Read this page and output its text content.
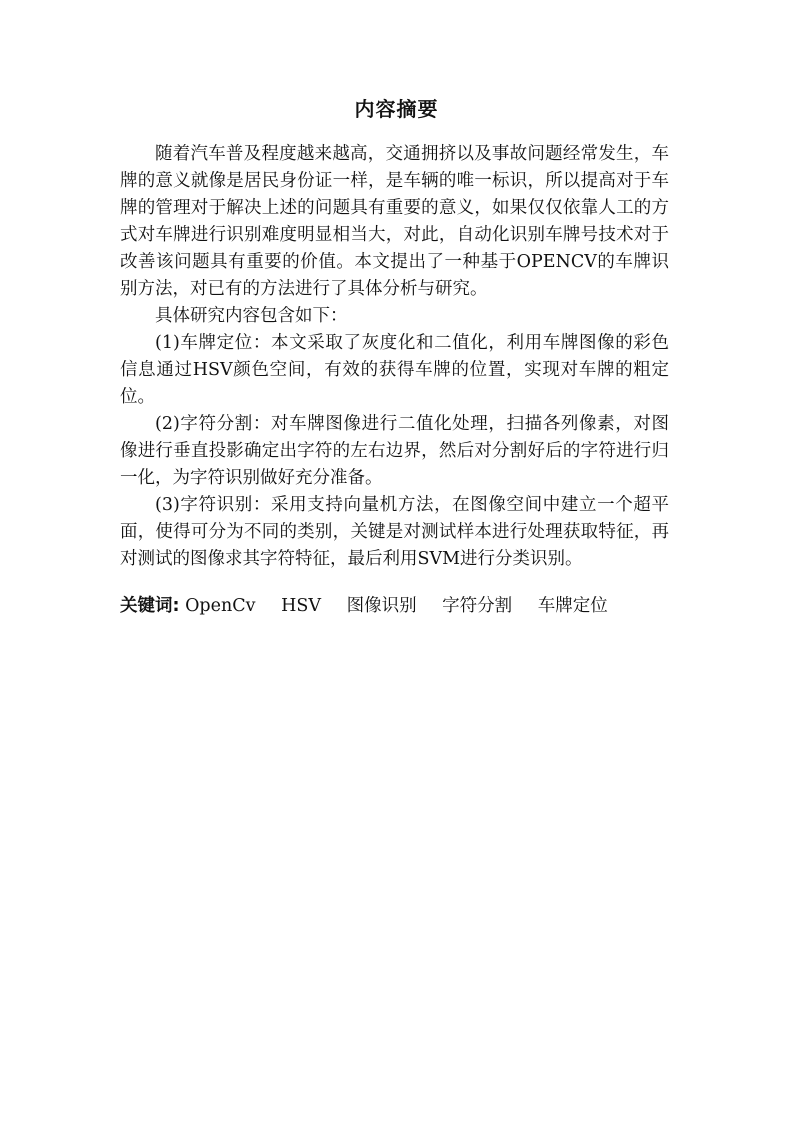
内容摘要

随着汽车普及程度越来越高，交通拥挤以及事故问题经常发生，车牌的意义就像是居民身份证一样，是车辆的唯一标识，所以提高对于车牌的管理对于解决上述的问题具有重要的意义，如果仅仅依靠人工的方式对车牌进行识别难度明显相当大，对此，自动化识别车牌号技术对于改善该问题具有重要的价值。本文提出了一种基于OPENCV的车牌识别方法，对已有的方法进行了具体分析与研究。

具体研究内容包含如下：

(1)车牌定位：本文采取了灰度化和二值化，利用车牌图像的彩色信息通过HSV颜色空间，有效的获得车牌的位置，实现对车牌的粗定位。

(2)字符分割：对车牌图像进行二值化处理，扫描各列像素，对图像进行垂直投影确定出字符的左右边界，然后对分割好后的字符进行归一化，为字符识别做好充分准备。

(3)字符识别：采用支持向量机方法，在图像空间中建立一个超平面，使得可分为不同的类别，关键是对测试样本进行处理获取特征，再对测试的图像求其字符特征，最后利用SVM进行分类识别。

关键词: OpenCv HSV 图像识别 字符分割 车牌定位
